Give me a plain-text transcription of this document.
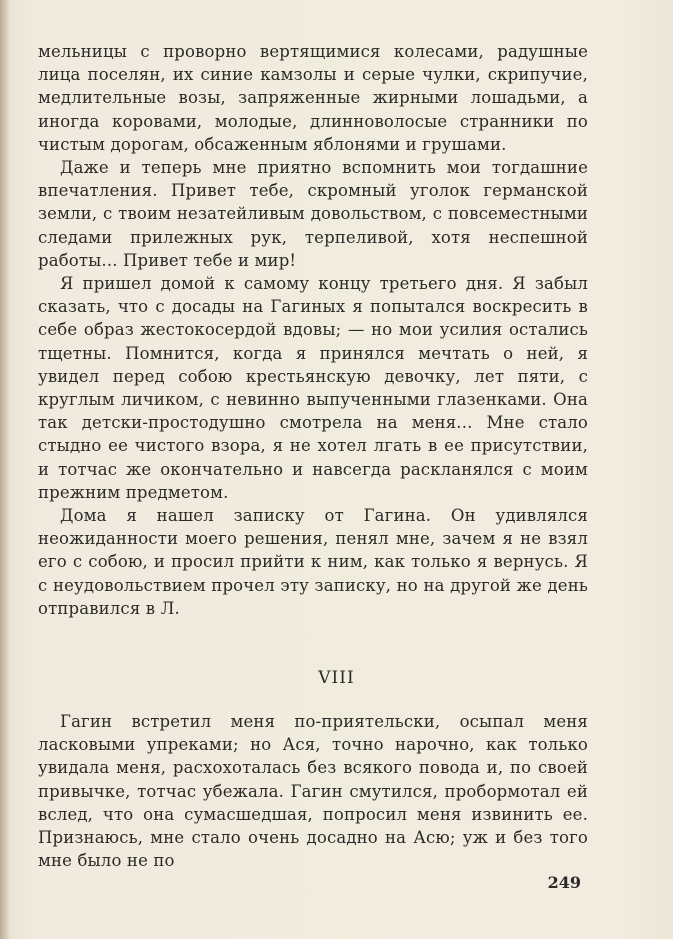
мельницы с проворно вертящимися колесами, радушные лица поселян, их синие камзолы и серые чулки, скрипучие, медлительные возы, запряженные жирными лошадьми, а иногда коровами, молодые, длинноволосые странники по чистым дорогам, обсаженным яблонями и грушами.

Даже и теперь мне приятно вспомнить мои тогдашние впечатления. Привет тебе, скромный уголок германской земли, с твоим незатейливым довольством, с повсеместными следами прилежных рук, терпеливой, хотя неспешной работы... Привет тебе и мир!

Я пришел домой к самому концу третьего дня. Я забыл сказать, что с досады на Гагиных я попытался воскресить в себе образ жестокосердой вдовы; — но мои усилия остались тщетны. Помнится, когда я принялся мечтать о ней, я увидел перед собою крестьянскую девочку, лет пяти, с круглым личиком, с невинно выпученными глазенками. Она так детски-простодушно смотрела на меня... Мне стало стыдно ее чистого взора, я не хотел лгать в ее присутствии, и тотчас же окончательно и навсегда раскланялся с моим прежним предметом.

Дома я нашел записку от Гагина. Он удивлялся неожиданности моего решения, пенял мне, зачем я не взял его с собою, и просил прийти к ним, как только я вернусь. Я с неудовольствием прочел эту записку, но на другой же день отправился в Л.

VIII

Гагин встретил меня по-приятельски, осыпал меня ласковыми упреками; но Ася, точно нарочно, как только увидала меня, расхохоталась без всякого повода и, по своей привычке, тотчас убежала. Гагин смутился, пробормотал ей вслед, что она сумасшедшая, попросил меня извинить ее. Признаюсь, мне стало очень досадно на Асю; уж и без того мне было не по

249
